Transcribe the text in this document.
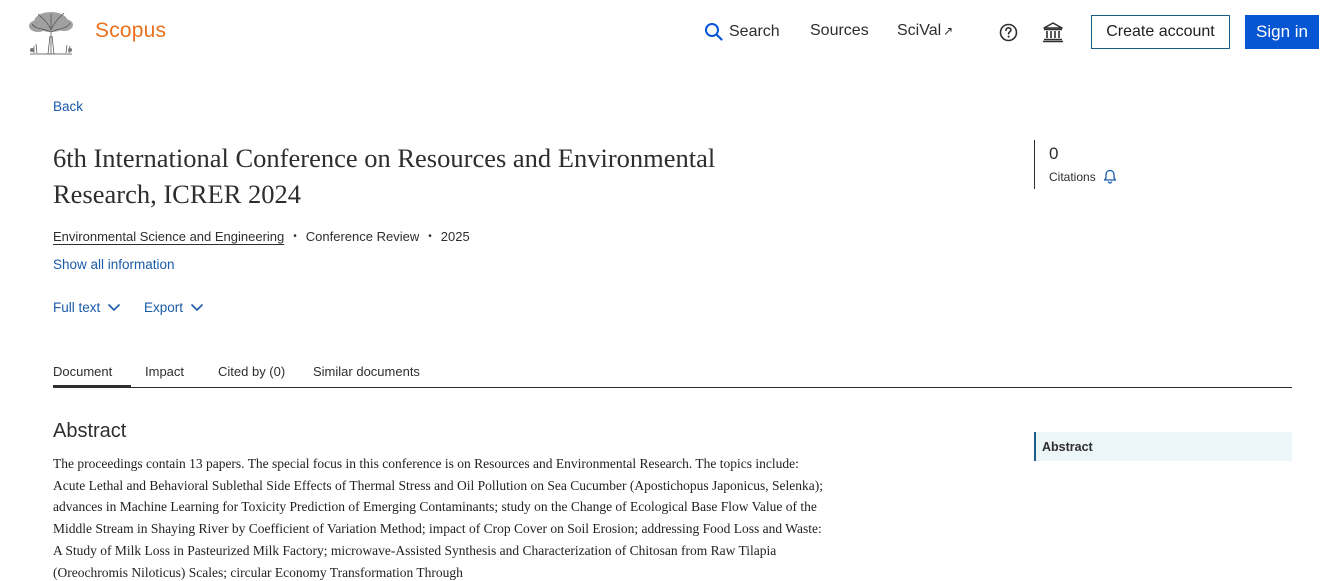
Scopus	Search Sources SciVal ↗	Create account	Sign in
Back
6th International Conference on Resources and Environmental Research, ICRER 2024
Environmental Science and Engineering • Conference Review • 2025
Show all information
Full text	Export
0
Citations
Document	Impact	Cited by (0) Similar documents
Abstract

The proceedings contain 13 papers. The special focus in this conference is on Resources and Environmental Research. The topics include: Acute Lethal and Behavioral Sublethal Side Effects of Thermal Stress and Oil Pollution on Sea Cucumber (Apostichopus Japonicus, Selenka); advances in Machine Learning for Toxicity Prediction of Emerging Contaminants; study on the Change of Ecological Base Flow Value of the Middle Stream in Shaying River by Coefficient of Variation Method; impact of Crop Cover on Soil Erosion; addressing Food Loss and Waste: A Study of Milk Loss in Pasteurized Milk Factory; microwave-Assisted Synthesis and Characterization of Chitosan from Raw Tilapia (Oreochromis Niloticus) Scales; circular Economy Transformation Through

Abstract
